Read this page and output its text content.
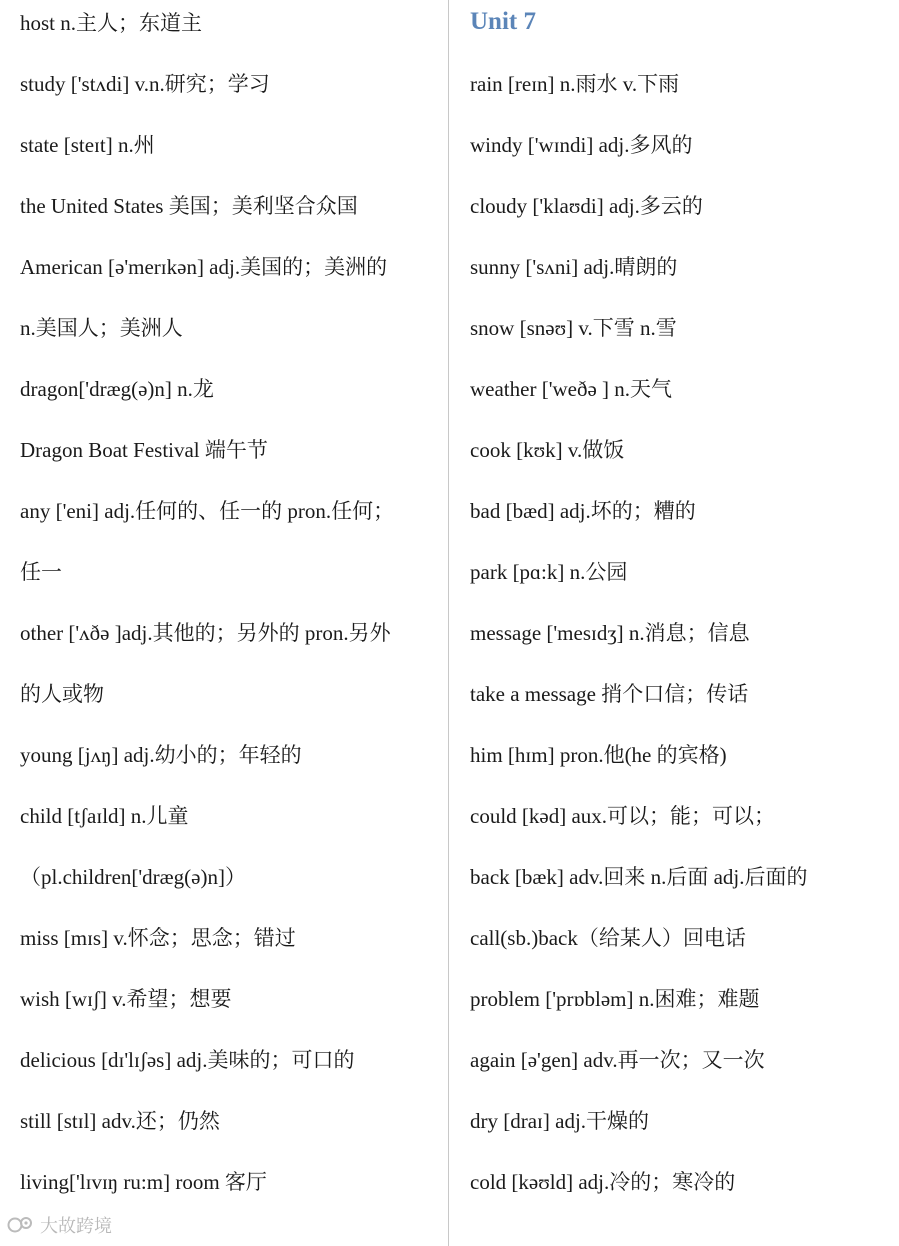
host n.主人；东道主
study ['stʌdi] v.n.研究；学习
state [steɪt] n.州
the United States 美国；美利坚合众国
American [ə'merɪkən] adj.美国的；美洲的
n.美国人；美洲人
dragon['dræg(ə)n] n.龙
Dragon Boat Festival 端午节
any ['eni] adj.任何的、任一的 pron.任何；
任一
other ['ʌðə ]adj.其他的；另外的 pron.另外
的人或物
young [jʌŋ] adj.幼小的；年轻的
child [tʃaɪld] n.儿童
（pl.children['dræg(ə)n]）
miss [mɪs] v.怀念；思念；错过
wish [wɪʃ] v.希望；想要
delicious [dɪ'lɪʃəs] adj.美味的；可口的
still [stɪl] adv.还；仍然
living['lɪvɪŋ ru:m] room 客厅
Unit 7
rain [reɪn] n.雨水 v.下雨
windy ['wɪndi] adj.多风的
cloudy ['klaʊdi] adj.多云的
sunny ['sʌni] adj.晴朗的
snow [snəʊ] v.下雪 n.雪
weather ['weðə ] n.天气
cook [kʊk] v.做饭
bad [bæd] adj.坏的；糟的
park [pɑ:k] n.公园
message ['mesɪdʒ] n.消息；信息
take a message 捎个口信；传话
him [hɪm] pron.他(he 的宾格)
could [kəd] aux.可以；能；可以；
back [bæk] adv.回来 n.后面 adj.后面的
call(sb.)back（给某人）回电话
problem ['prɒbləm] n.困难；难题
again [ə'gen] adv.再一次；又一次
dry [draɪ] adj.干燥的
cold [kəʊld] adj.冷的；寒冷的
大故跨境
